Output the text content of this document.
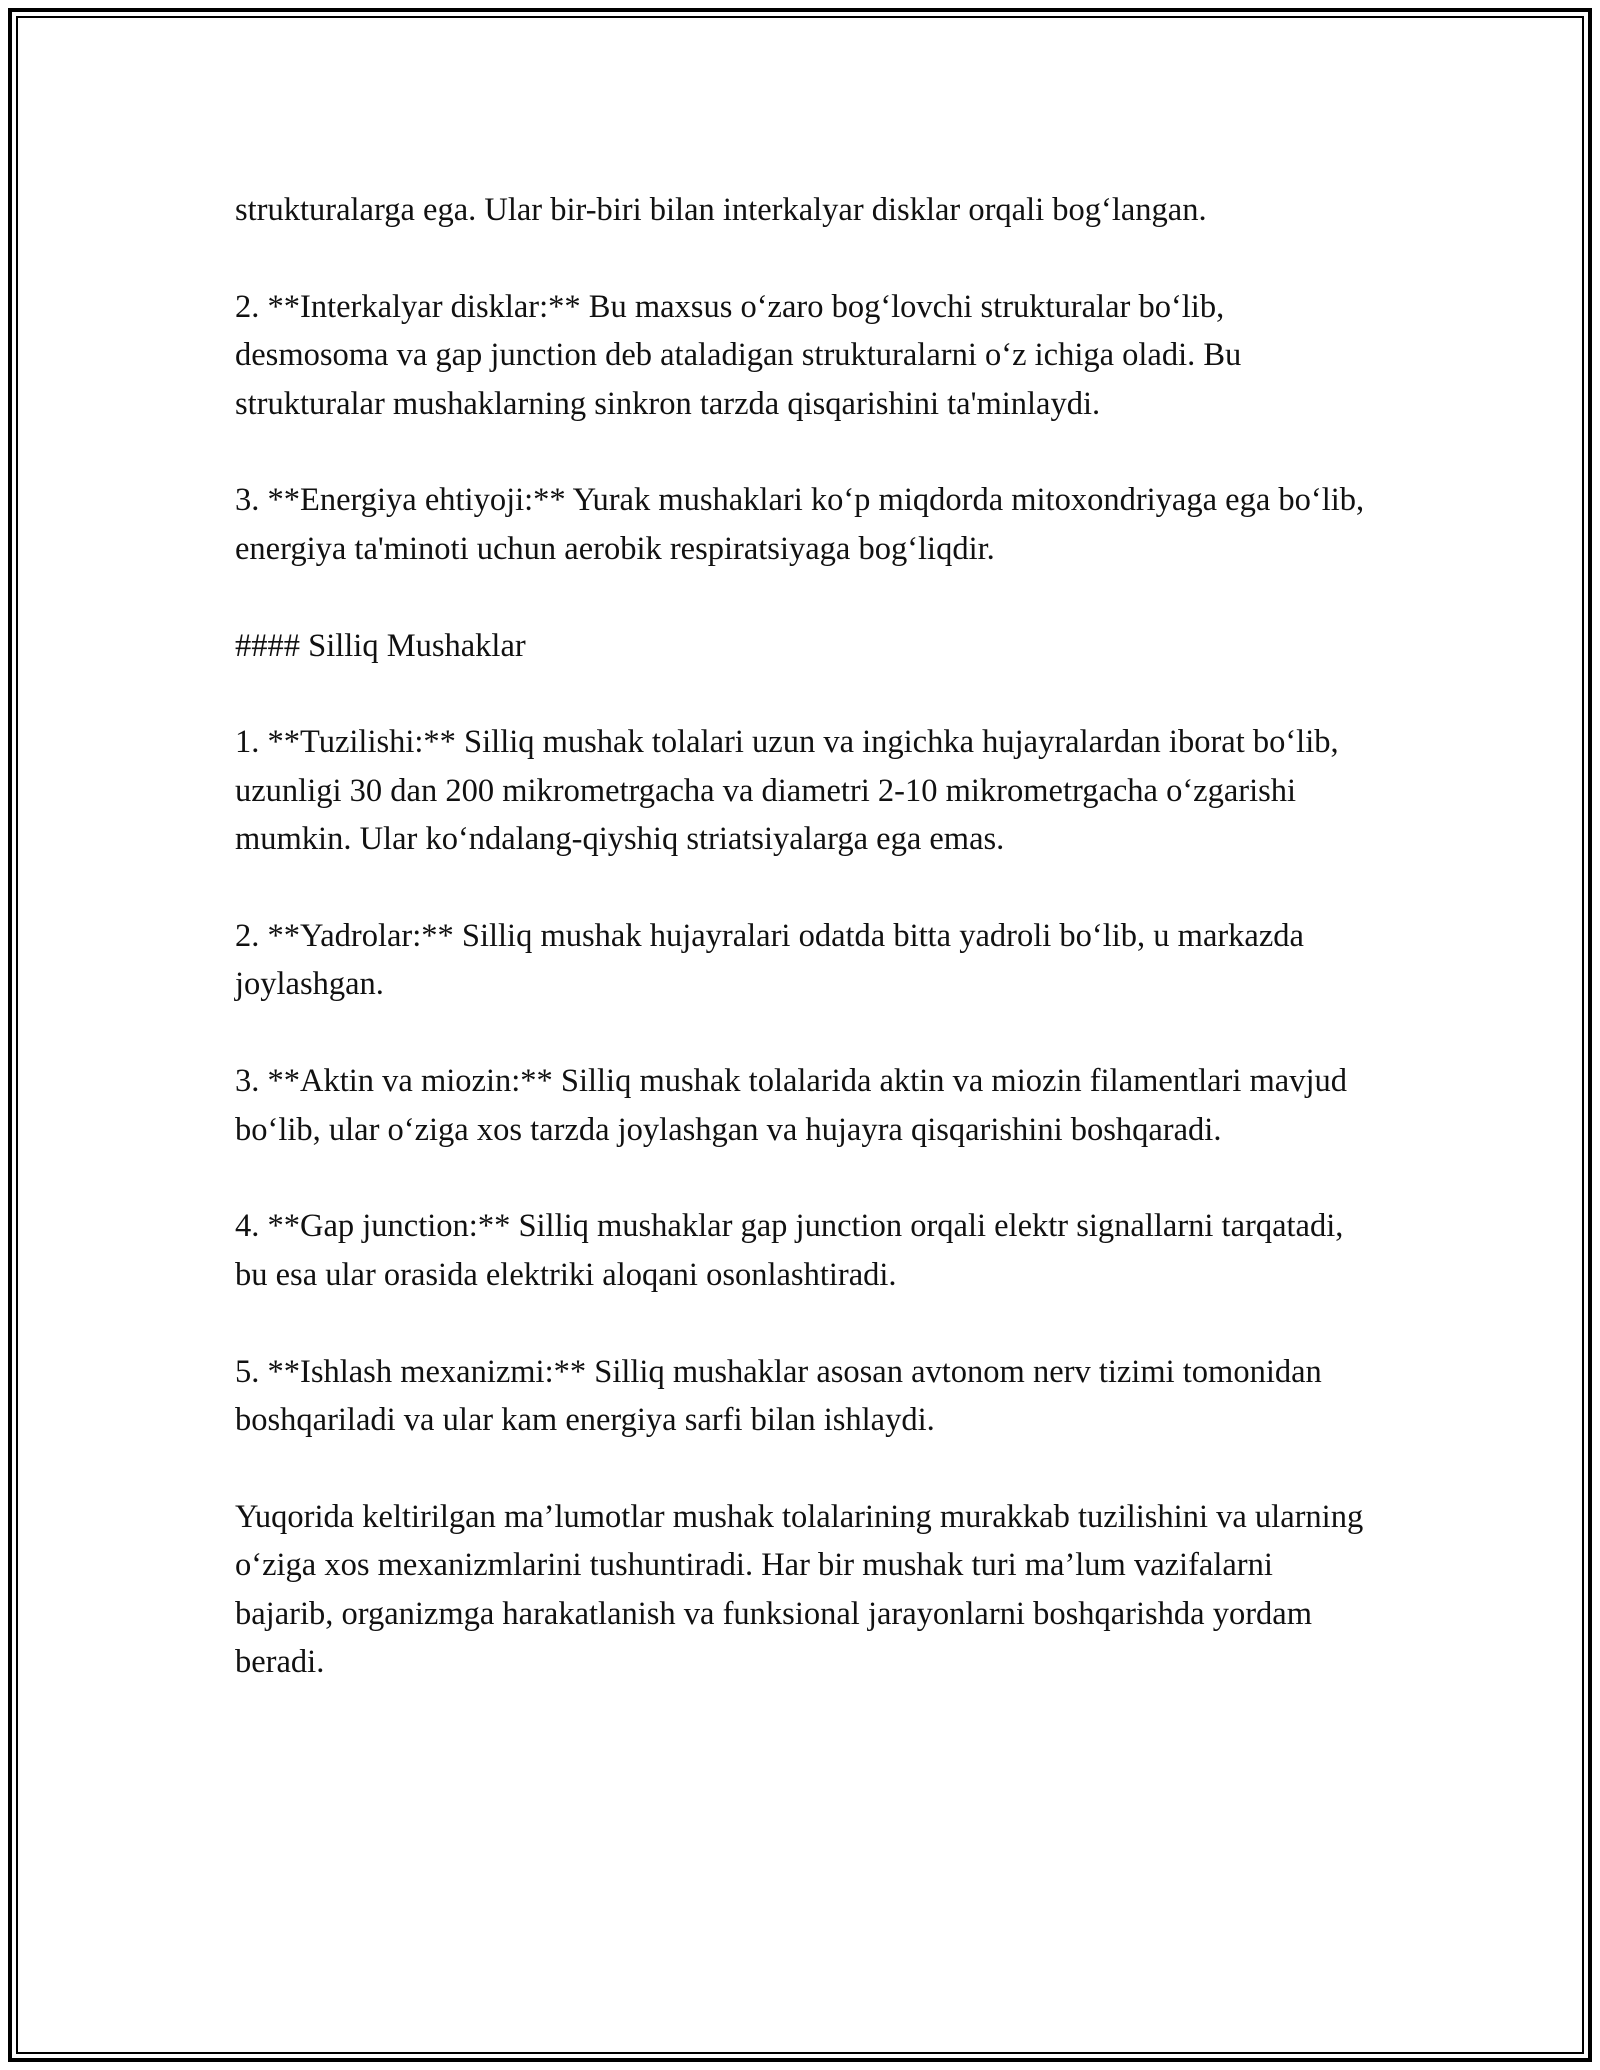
strukturalarga ega. Ular bir-biri bilan interkalyar disklar orqali bog‘langan.

2. **Interkalyar disklar:** Bu maxsus o‘zaro bog‘lovchi strukturalar bo‘lib, desmosoma va gap junction deb ataladigan strukturalarni o‘z ichiga oladi. Bu strukturalar mushaklarning sinkron tarzda qisqarishini ta'minlaydi.

3. **Energiya ehtiyoji:** Yurak mushaklari ko‘p miqdorda mitoxondriyaga ega bo‘lib, energiya ta'minoti uchun aerobik respiratsiyaga bog‘liqdir.

#### Silliq Mushaklar

1. **Tuzilishi:** Silliq mushak tolalari uzun va ingichka hujayralardan iborat bo‘lib, uzunligi 30 dan 200 mikrometrgacha va diametri 2-10 mikrometrgacha o‘zgarishi mumkin. Ular ko‘ndalang-qiyshiq striatsiyalarga ega emas.

2. **Yadrolar:** Silliq mushak hujayralari odatda bitta yadroli bo‘lib, u markazda joylashgan.

3. **Aktin va miozin:** Silliq mushak tolalarida aktin va miozin filamentlari mavjud bo‘lib, ular o‘ziga xos tarzda joylashgan va hujayra qisqarishini boshqaradi.

4. **Gap junction:** Silliq mushaklar gap junction orqali elektr signallarni tarqatadi, bu esa ular orasida elektriki aloqani osonlashtiradi.

5. **Ishlash mexanizmi:** Silliq mushaklar asosan avtonom nerv tizimi tomonidan boshqariladi va ular kam energiya sarfi bilan ishlaydi.

Yuqorida keltirilgan ma’lumotlar mushak tolalarining murakkab tuzilishini va ularning o‘ziga xos mexanizmlarini tushuntiradi. Har bir mushak turi ma’lum vazifalarni bajarib, organizmga harakatlanish va funksional jarayonlarni boshqarishda yordam beradi.
